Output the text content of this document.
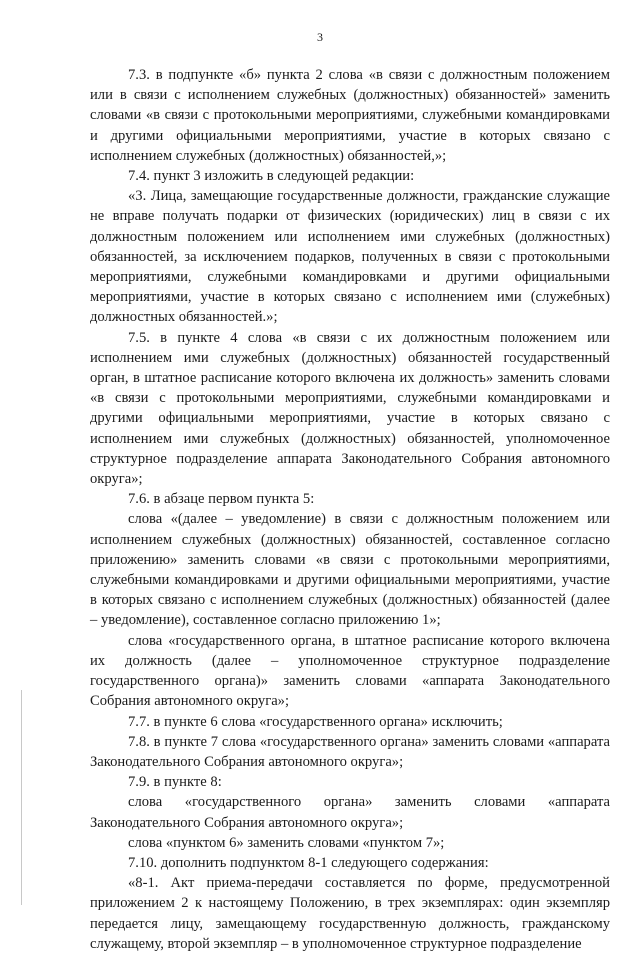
3

7.3. в подпункте «б» пункта 2 слова «в связи с должностным положением или в связи с исполнением служебных (должностных) обязанностей» заменить словами «в связи с протокольными мероприятиями, служебными командировками и другими официальными мероприятиями, участие в которых связано с исполнением служебных (должностных) обязанностей,»;

7.4. пункт 3 изложить в следующей редакции:

«3. Лица, замещающие государственные должности, гражданские служащие не вправе получать подарки от физических (юридических) лиц в связи с их должностным положением или исполнением ими служебных (должностных) обязанностей, за исключением подарков, полученных в связи с протокольными мероприятиями, служебными командировками и другими официальными мероприятиями, участие в которых связано с исполнением ими (служебных) должностных обязанностей.»;

7.5. в пункте 4 слова «в связи с их должностным положением или исполнением ими служебных (должностных) обязанностей государственный орган, в штатное расписание которого включена их должность» заменить словами «в связи с протокольными мероприятиями, служебными командировками и другими официальными мероприятиями, участие в которых связано с исполнением ими служебных (должностных) обязанностей, уполномоченное структурное подразделение аппарата Законодательного Собрания автономного округа»;

7.6. в абзаце первом пункта 5:

слова «(далее – уведомление) в связи с должностным положением или исполнением служебных (должностных) обязанностей, составленное согласно приложению» заменить словами «в связи с протокольными мероприятиями, служебными командировками и другими официальными мероприятиями, участие в которых связано с исполнением служебных (должностных) обязанностей (далее – уведомление), составленное согласно приложению 1»;

слова «государственного органа, в штатное расписание которого включена их должность (далее – уполномоченное структурное подразделение государственного органа)» заменить словами «аппарата Законодательного Собрания автономного округа»;

7.7. в пункте 6 слова «государственного органа» исключить;

7.8. в пункте 7 слова «государственного органа» заменить словами «аппарата Законодательного Собрания автономного округа»;

7.9. в пункте 8:

слова «государственного органа» заменить словами «аппарата Законодательного Собрания автономного округа»;

слова «пунктом 6» заменить словами «пунктом 7»;

7.10. дополнить подпунктом 8-1 следующего содержания:

«8-1. Акт приема-передачи составляется по форме, предусмотренной приложением 2 к настоящему Положению, в трех экземплярах: один экземпляр передается лицу, замещающему государственную должность, гражданскому служащему, второй экземпляр – в уполномоченное структурное подразделение
